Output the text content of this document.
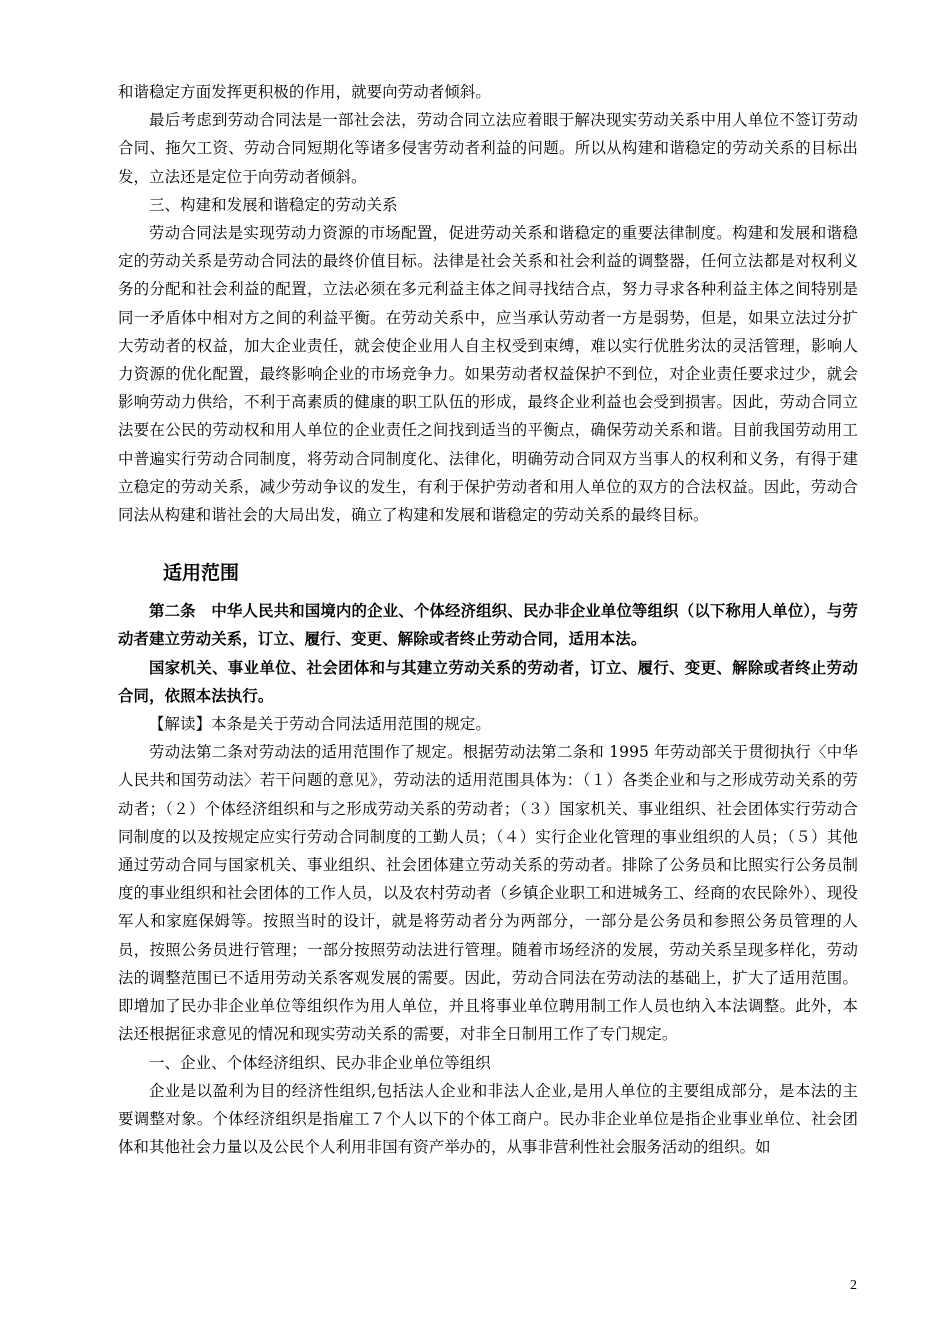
和谐稳定方面发挥更积极的作用，就要向劳动者倾斜。

最后考虑到劳动合同法是一部社会法，劳动合同立法应着眼于解决现实劳动关系中用人单位不签订劳动合同、拖欠工资、劳动合同短期化等诸多侵害劳动者利益的问题。所以从构建和谐稳定的劳动关系的目标出发，立法还是定位于向劳动者倾斜。

三、构建和发展和谐稳定的劳动关系

劳动合同法是实现劳动力资源的市场配置，促进劳动关系和谐稳定的重要法律制度。构建和发展和谐稳定的劳动关系是劳动合同法的最终价值目标。法律是社会关系和社会利益的调整器，任何立法都是对权利义务的分配和社会利益的配置，立法必须在多元利益主体之间寻找结合点，努力寻求各种利益主体之间特别是同一矛盾体中相对方之间的利益平衡。在劳动关系中，应当承认劳动者一方是弱势，但是，如果立法过分扩大劳动者的权益，加大企业责任，就会使企业用人自主权受到束缚，难以实行优胜劣汰的灵活管理，影响人力资源的优化配置，最终影响企业的市场竞争力。如果劳动者权益保护不到位，对企业责任要求过少，就会影响劳动力供给，不利于高素质的健康的职工队伍的形成，最终企业利益也会受到损害。因此，劳动合同立法要在公民的劳动权和用人单位的企业责任之间找到适当的平衡点，确保劳动关系和谐。目前我国劳动用工中普遍实行劳动合同制度，将劳动合同制度化、法律化，明确劳动合同双方当事人的权利和义务，有得于建立稳定的劳动关系，减少劳动争议的发生，有利于保护劳动者和用人单位的双方的合法权益。因此，劳动合同法从构建和谐社会的大局出发，确立了构建和发展和谐稳定的劳动关系的最终目标。

适用范围

第二条　中华人民共和国境内的企业、个体经济组织、民办非企业单位等组织（以下称用人单位），与劳动者建立劳动关系，订立、履行、变更、解除或者终止劳动合同，适用本法。

国家机关、事业单位、社会团体和与其建立劳动关系的劳动者，订立、履行、变更、解除或者终止劳动合同，依照本法执行。

【解读】本条是关于劳动合同法适用范围的规定。

劳动法第二条对劳动法的适用范围作了规定。根据劳动法第二条和 1995 年劳动部关于贯彻执行〈中华人民共和国劳动法〉若干问题的意见》，劳动法的适用范围具体为：（１）各类企业和与之形成劳动关系的劳动者；（２）个体经济组织和与之形成劳动关系的劳动者；（３）国家机关、事业组织、社会团体实行劳动合同制度的以及按规定应实行劳动合同制度的工勤人员；（４）实行企业化管理的事业组织的人员；（５）其他通过劳动合同与国家机关、事业组织、社会团体建立劳动关系的劳动者。排除了公务员和比照实行公务员制度的事业组织和社会团体的工作人员，以及农村劳动者（乡镇企业职工和进城务工、经商的农民除外）、现役军人和家庭保姆等。按照当时的设计，就是将劳动者分为两部分，一部分是公务员和参照公务员管理的人员，按照公务员进行管理；一部分按照劳动法进行管理。随着市场经济的发展，劳动关系呈现多样化，劳动法的调整范围已不适用劳动关系客观发展的需要。因此，劳动合同法在劳动法的基础上，扩大了适用范围。即增加了民办非企业单位等组织作为用人单位，并且将事业单位聘用制工作人员也纳入本法调整。此外，本法还根据征求意见的情况和现实劳动关系的需要，对非全日制用工作了专门规定。

一、企业、个体经济组织、民办非企业单位等组织

企业是以盈利为目的经济性组织,包括法人企业和非法人企业,是用人单位的主要组成部分，是本法的主要调整对象。个体经济组织是指雇工７个人以下的个体工商户。民办非企业单位是指企业事业单位、社会团体和其他社会力量以及公民个人利用非国有资产举办的，从事非营利性社会服务活动的组织。如

2
